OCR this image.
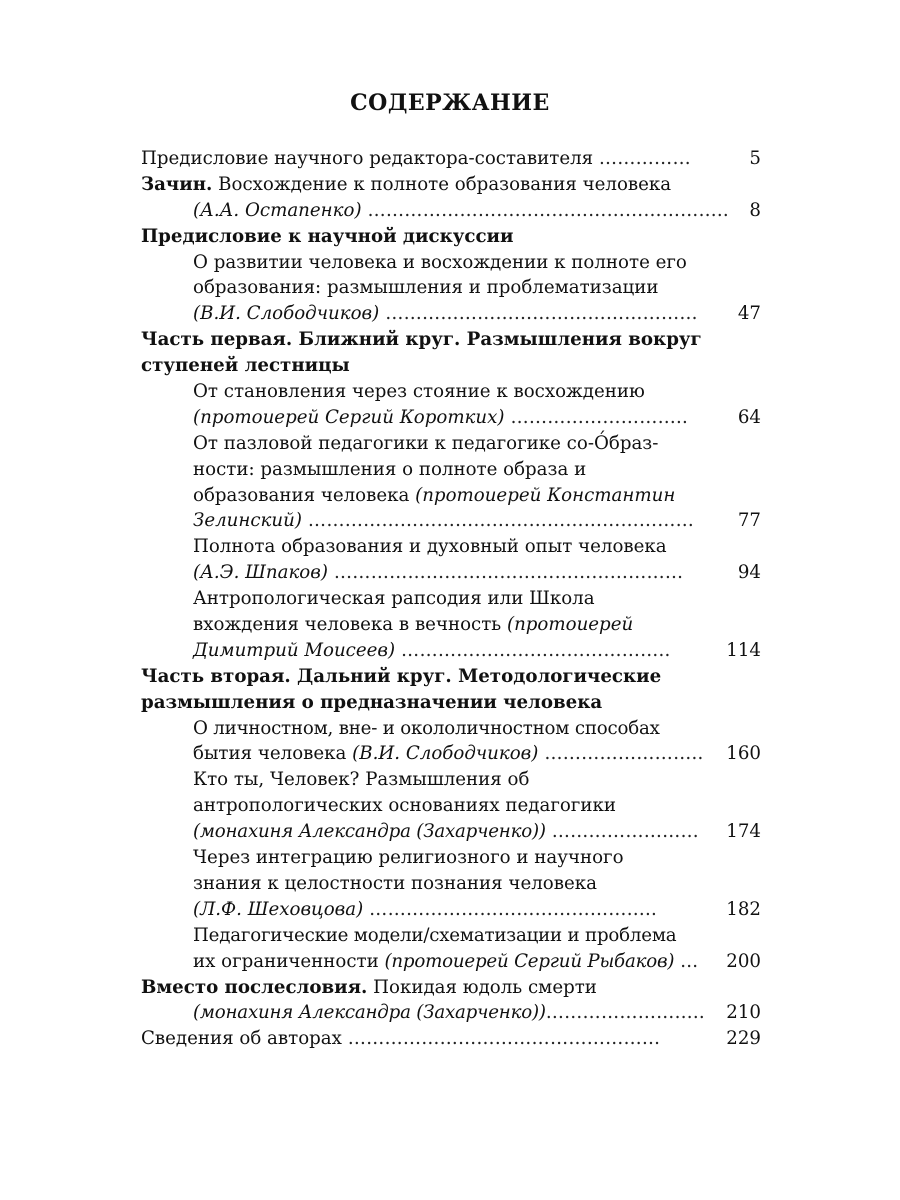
СОДЕРЖАНИЕ
Предисловие научного редактора-составителя ……………	5
Зачин. Восхождение к полноте образования человека
(А.А. Остапенко) ………………………………………………….. 8
Предисловие к научной дискуссии
О развитии человека и восхождении к полноте его
образования: размышления и проблематизации
(В.И. Слободчиков) …………………………………………… 47
Часть первая. Ближний круг. Размышления вокруг
ступеней лестницы
От становления через стояние к восхождению
(протоиерей Сергий Коротких) ………………………..	64
От пазловой педагогики к педагогике со-О́браз-
ности: размышления о полноте образа и
образования человека (протоиерей Константин
Зелинский) ……………………………………………………… 77
Полнота образования и духовный опыт человека
(А.Э. Шпаков) …………………………………………………	94
Антропологическая рапсодия или Школа
вхождения человека в вечность (протоиерей
Димитрий Моисеев) ……………………………………..	114
Часть вторая. Дальний круг. Методологические
размышления о предназначении человека
О личностном, вне- и окололичностном способах
бытия человека (В.И. Слободчиков) …………………….. 160
Кто ты, Человек? Размышления об
антропологических основаниях педагогики
(монахиня Александра (Захарченко)) …………………… 174
Через интеграцию религиозного и научного
знания к целостности познания человека
(Л.Ф. Шеховцова) ………………………………………..	182
Педагогические модели/схематизации и проблема
их ограниченности (протоиерей Сергий Рыбаков) ... 200
Вместо послесловия. Покидая юдоль смерти
(монахиня Александра (Захарченко))…………………….. 210
Сведения об авторах ……………………………………………	229
